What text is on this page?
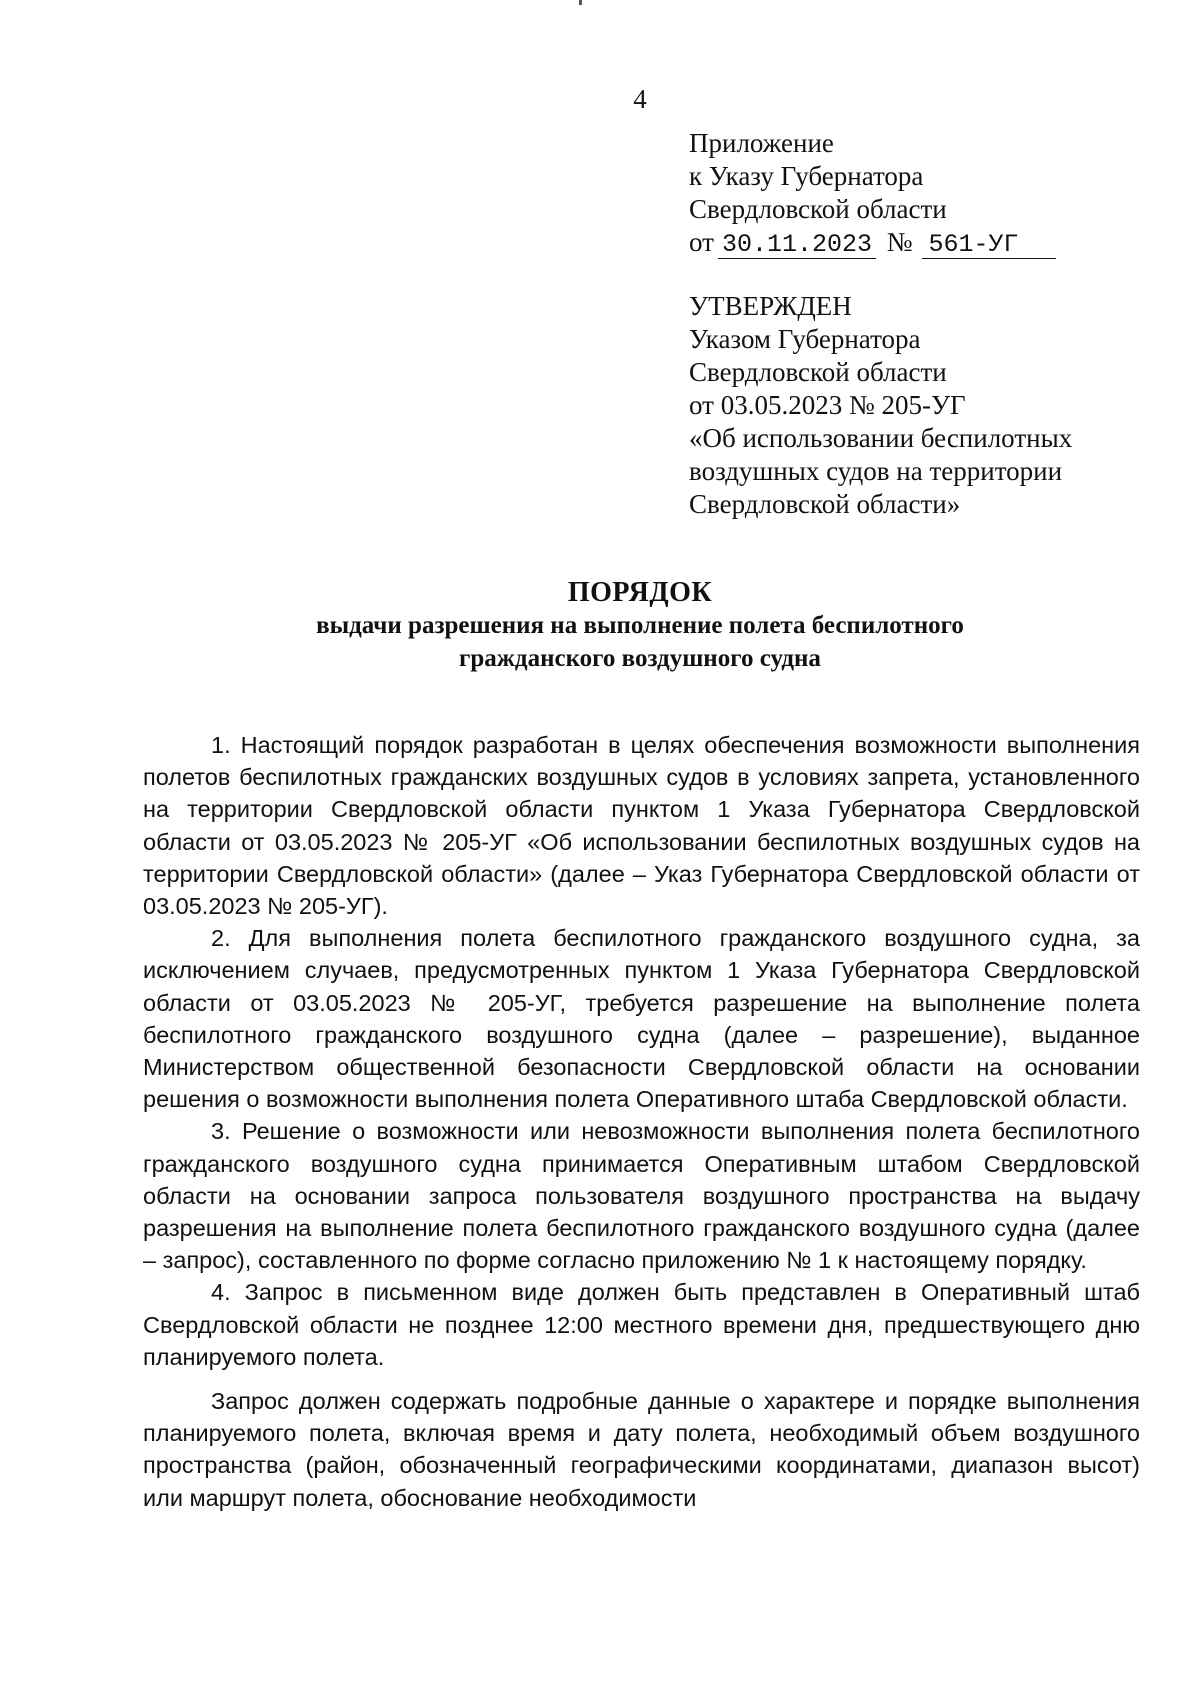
4
Приложение
к Указу Губернатора
Свердловской области
от 30.11.2023 № 561-УГ
УТВЕРЖДЕН
Указом Губернатора
Свердловской области
от 03.05.2023 № 205-УГ
«Об использовании беспилотных
воздушных судов на территории
Свердловской области»
ПОРЯДОК
выдачи разрешения на выполнение полета беспилотного
гражданского воздушного судна

1. Настоящий порядок разработан в целях обеспечения возможности выполнения полетов беспилотных гражданских воздушных судов в условиях запрета, установленного на территории Свердловской области пунктом 1 Указа Губернатора Свердловской области от 03.05.2023 № 205-УГ «Об использовании беспилотных воздушных судов на территории Свердловской области» (далее – Указ Губернатора Свердловской области от 03.05.2023 № 205-УГ).

2. Для выполнения полета беспилотного гражданского воздушного судна, за исключением случаев, предусмотренных пунктом 1 Указа Губернатора Свердловской области от 03.05.2023 № 205-УГ, требуется разрешение на выполнение полета беспилотного гражданского воздушного судна (далее – разрешение), выданное Министерством общественной безопасности Свердловской области на основании решения о возможности выполнения полета Оперативного штаба Свердловской области.

3. Решение о возможности или невозможности выполнения полета беспилотного гражданского воздушного судна принимается Оперативным штабом Свердловской области на основании запроса пользователя воздушного пространства на выдачу разрешения на выполнение полета беспилотного гражданского воздушного судна (далее – запрос), составленного по форме согласно приложению № 1 к настоящему порядку.

4. Запрос в письменном виде должен быть представлен в Оперативный штаб Свердловской области не позднее 12:00 местного времени дня, предшествующего дню планируемого полета.

Запрос должен содержать подробные данные о характере и порядке выполнения планируемого полета, включая время и дату полета, необходимый объем воздушного пространства (район, обозначенный географическими координатами, диапазон высот) или маршрут полета, обоснование необходимости
